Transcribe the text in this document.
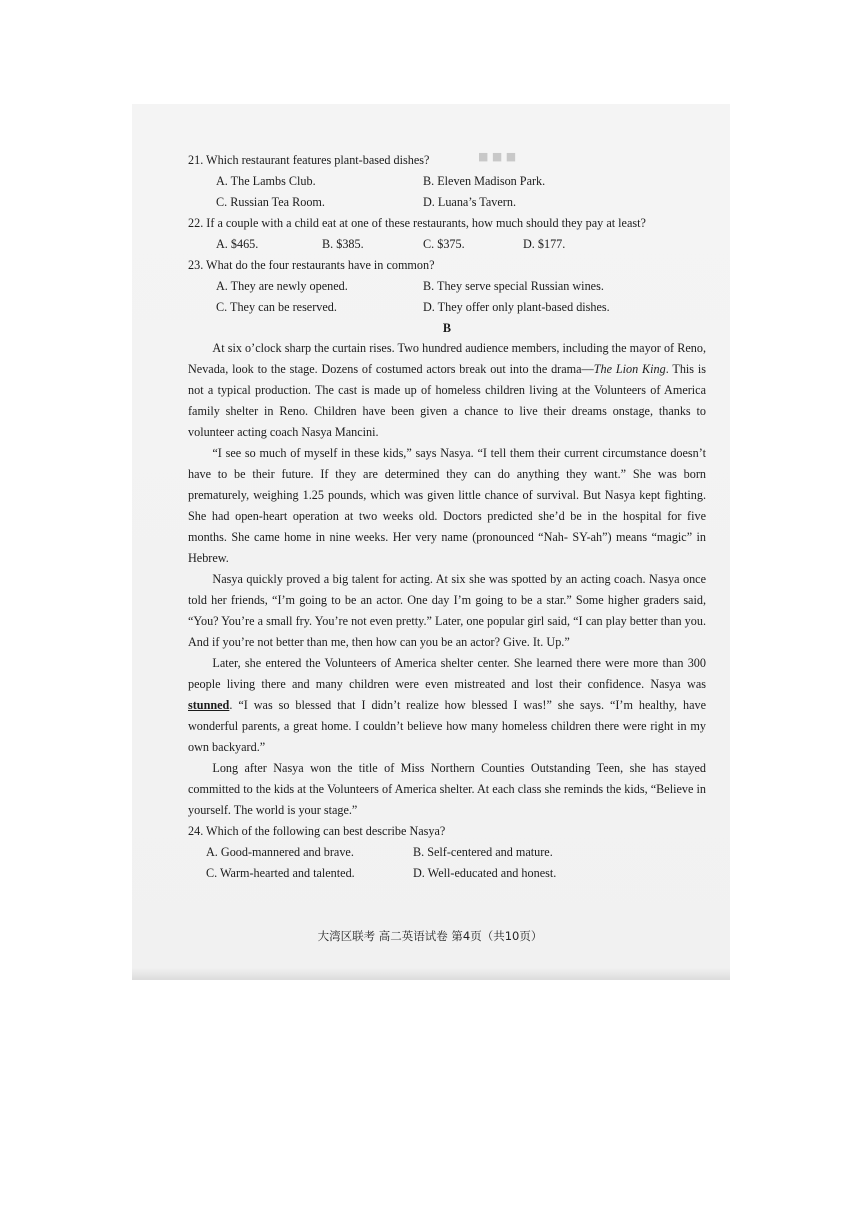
■ ■ ■
21. Which restaurant features plant-based dishes?
A. The Lambs Club.	B. Eleven Madison Park.
C. Russian Tea Room.	D. Luana’s Tavern.
22. If a couple with a child eat at one of these restaurants, how much should they pay at least?
A. $465.	B. $385.	C. $375.	D. $177.
23. What do the four restaurants have in common?
A. They are newly opened.	B. They serve special Russian wines.
C. They can be reserved.	D. They offer only plant-based dishes.
B

At six o’clock sharp the curtain rises. Two hundred audience members, including the mayor of Reno, Nevada, look to the stage. Dozens of costumed actors break out into the drama—The Lion King. This is not a typical production. The cast is made up of homeless children living at the Volunteers of America family shelter in Reno. Children have been given a chance to live their dreams onstage, thanks to volunteer acting coach Nasya Mancini.

“I see so much of myself in these kids,” says Nasya. “I tell them their current circumstance doesn’t have to be their future. If they are determined they can do anything they want.” She was born prematurely, weighing 1.25 pounds, which was given little chance of survival. But Nasya kept fighting. She had open-heart operation at two weeks old. Doctors predicted she’d be in the hospital for five months. She came home in nine weeks. Her very name (pronounced “Nah- SY-ah”) means “magic” in Hebrew.

Nasya quickly proved a big talent for acting. At six she was spotted by an acting coach. Nasya once told her friends, “I’m going to be an actor. One day I’m going to be a star.” Some higher graders said, “You? You’re a small fry. You’re not even pretty.” Later, one popular girl said, “I can play better than you. And if you’re not better than me, then how can you be an actor? Give. It. Up.”

Later, she entered the Volunteers of America shelter center. She learned there were more than 300 people living there and many children were even mistreated and lost their confidence. Nasya was stunned. “I was so blessed that I didn’t realize how blessed I was!” she says. “I’m healthy, have wonderful parents, a great home. I couldn’t believe how many homeless children there were right in my own backyard.”

Long after Nasya won the title of Miss Northern Counties Outstanding Teen, she has stayed committed to the kids at the Volunteers of America shelter. At each class she reminds the kids, “Believe in yourself. The world is your stage.”

24. Which of the following can best describe Nasya?
A. Good-mannered and brave.	B. Self-centered and mature.
C. Warm-hearted and talented.	D. Well-educated and honest.
大湾区联考 高二英语试卷 第4页（共10页）
